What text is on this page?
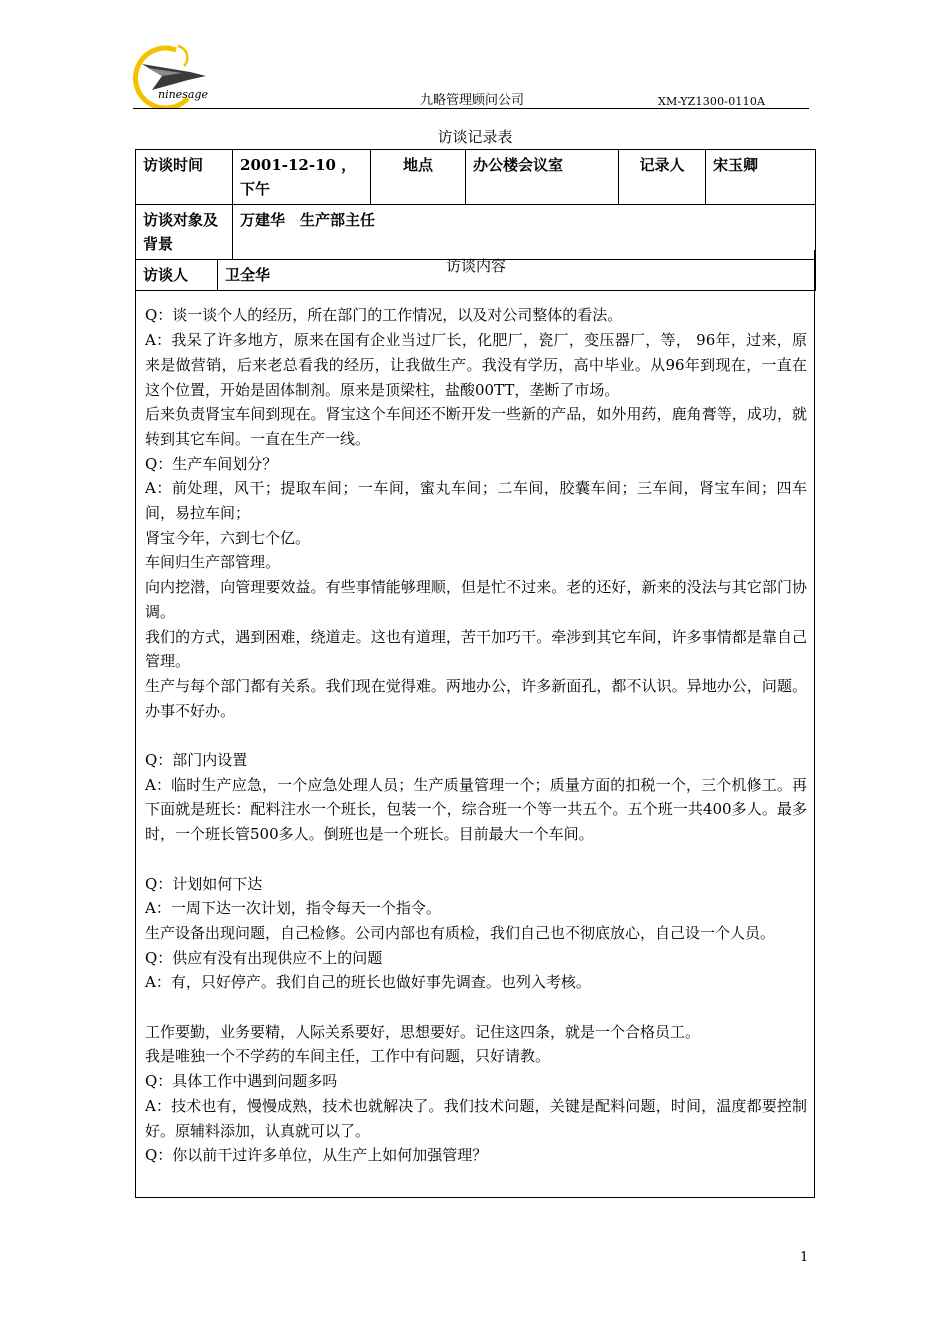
ninesage	九略管理顾问公司	XM-YZ1300-0110A
访谈记录表
访谈时间		2001-12-10 ， 下午	地点	办公楼会议室	记录人	宋玉卿
访谈对象及背景		万建华　生产部主任				
访谈人	卫全华						访谈内容

Q：谈一谈个人的经历，所在部门的工作情况，以及对公司整体的看法。

A：我呆了许多地方，原来在国有企业当过厂长，化肥厂，瓷厂，变压器厂，等， 96年，过来，原来是做营销，后来老总看我的经历，让我做生产。我没有学历，高中毕业。从96年到现在，一直在这个位置，开始是固体制剂。原来是顶梁柱，盐酸00TT，垄断了市场。

后来负责肾宝车间到现在。肾宝这个车间还不断开发一些新的产品，如外用药，鹿角膏等，成功，就转到其它车间。一直在生产一线。

Q：生产车间划分？

A：前处理，风干；提取车间；一车间，蜜丸车间；二车间，胶囊车间；三车间，肾宝车间；四车间，易拉车间；

肾宝今年，六到七个亿。

车间归生产部管理。

向内挖潜，向管理要效益。有些事情能够理顺，但是忙不过来。老的还好，新来的没法与其它部门协调。

我们的方式，遇到困难，绕道走。这也有道理，苦干加巧干。牵涉到其它车间，许多事情都是靠自己管理。

生产与每个部门都有关系。我们现在觉得难。两地办公，许多新面孔，都不认识。异地办公，问题。办事不好办。

Q：部门内设置

A：临时生产应急，一个应急处理人员；生产质量管理一个；质量方面的扣税一个，三个机修工。再下面就是班长：配料注水一个班长，包装一个，综合班一个等一共五个。五个班一共400多人。最多时，一个班长管500多人。倒班也是一个班长。目前最大一个车间。

Q：计划如何下达

A：一周下达一次计划，指令每天一个指令。

生产设备出现问题，自己检修。公司内部也有质检，我们自己也不彻底放心，自己设一个人员。

Q：供应有没有出现供应不上的问题

A：有，只好停产。我们自己的班长也做好事先调查。也列入考核。

工作要勤，业务要精，人际关系要好，思想要好。记住这四条，就是一个合格员工。

我是唯独一个不学药的车间主任，工作中有问题，只好请教。

Q：具体工作中遇到问题多吗

A：技术也有，慢慢成熟，技术也就解决了。我们技术问题，关键是配料问题，时间，温度都要控制好。原辅料添加，认真就可以了。

Q：你以前干过许多单位，从生产上如何加强管理？

1
